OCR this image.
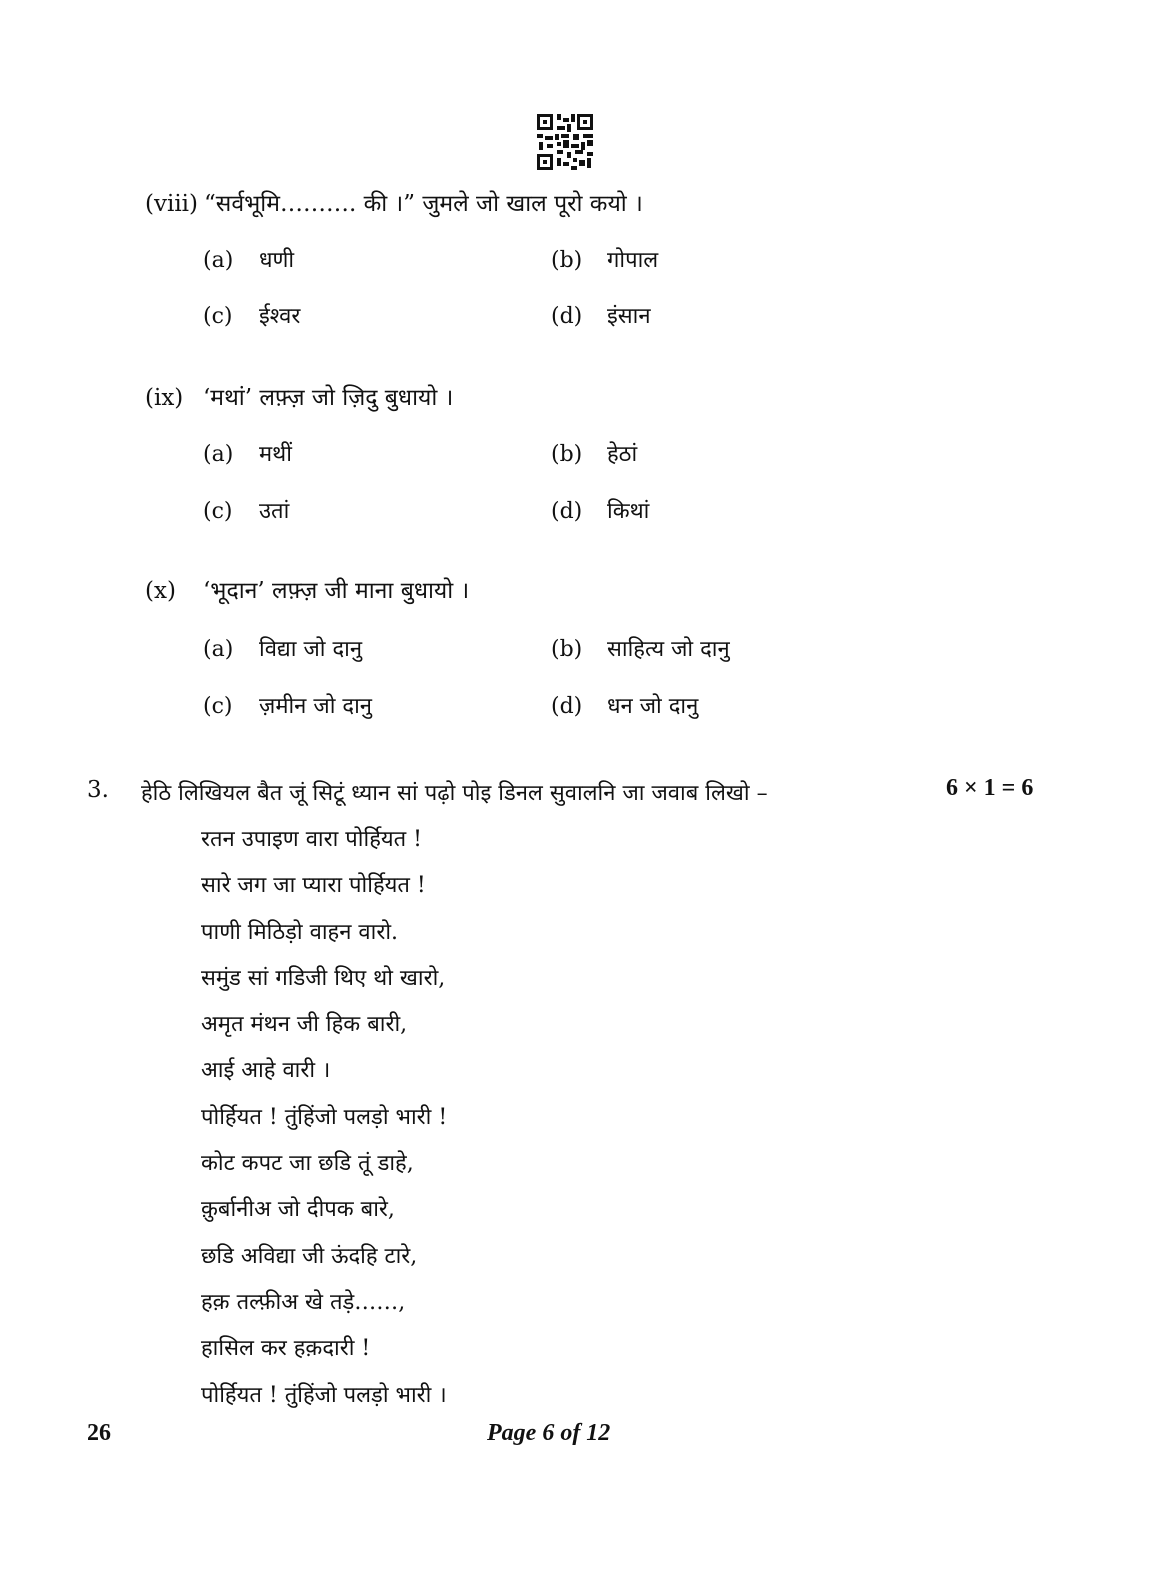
(viii) “सर्वभूमि………. की ।” जुमले जो खाल पूरो कयो ।
(a) धणी	(b) गोपाल
(c) ईश्वर	(d) इंसान
(ix) ‘मथां’ लफ़्ज़ जो ज़िदु बुधायो ।
(a) मथीं	(b) हेठां
(c) उतां	(d) किथां
(x) ‘भूदान’ लफ़्ज़ जी माना बुधायो ।
(a) विद्या जो दानु	(b) साहित्य जो दानु
(c) ज़मीन जो दानु	(d) धन जो दानु
3. हेठि लिखियल बैत जूं सिटूं ध्यान सां पढ़ो पोइ डिनल सुवालनि जा जवाब लिखो –	6 × 1 = 6
रतन उपाइण वारा पोर्हियत !
सारे जग जा प्यारा पोर्हियत !
पाणी मिठिड़ो वाहन वारो.
समुंड सां गडिजी थिए थो खारो,
अमृत मंथन जी हिक बारी,
आई आहे वारी ।
पोर्हियत ! तुंहिंजो पलड़ो भारी !
कोट कपट जा छडि तूं डाहे,
क़ुर्बानीअ जो दीपक बारे,
छडि अविद्या जी ऊंदहि टारे,
हक़ तल्फ़ीअ खे तड़े……,
हासिल कर हक़दारी !
पोर्हियत ! तुंहिंजो पलड़ो भारी ।
26	Page 6 of 12
